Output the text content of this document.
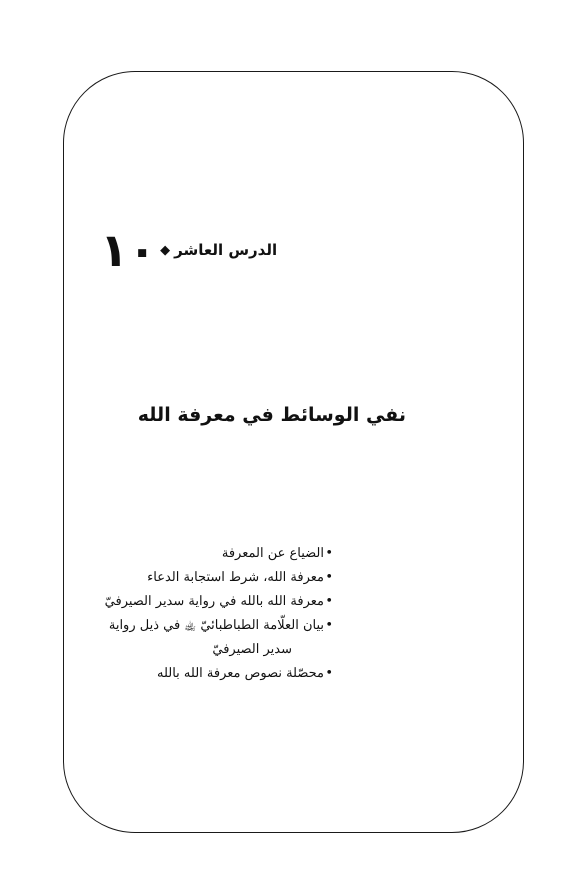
الدرس العاشر
◆
١٠
نفي الوسائط في معرفة الله
• الضياع عن المعرفة
• معرفة الله، شرط استجابة الدعاء
• معرفة الله بالله في رواية سدير الصيرفيّ
• بيان العلّامة الطباطبائيّ ﵀ في ذيل رواية
سدير الصيرفيّ
• محصّلة نصوص معرفة الله بالله
